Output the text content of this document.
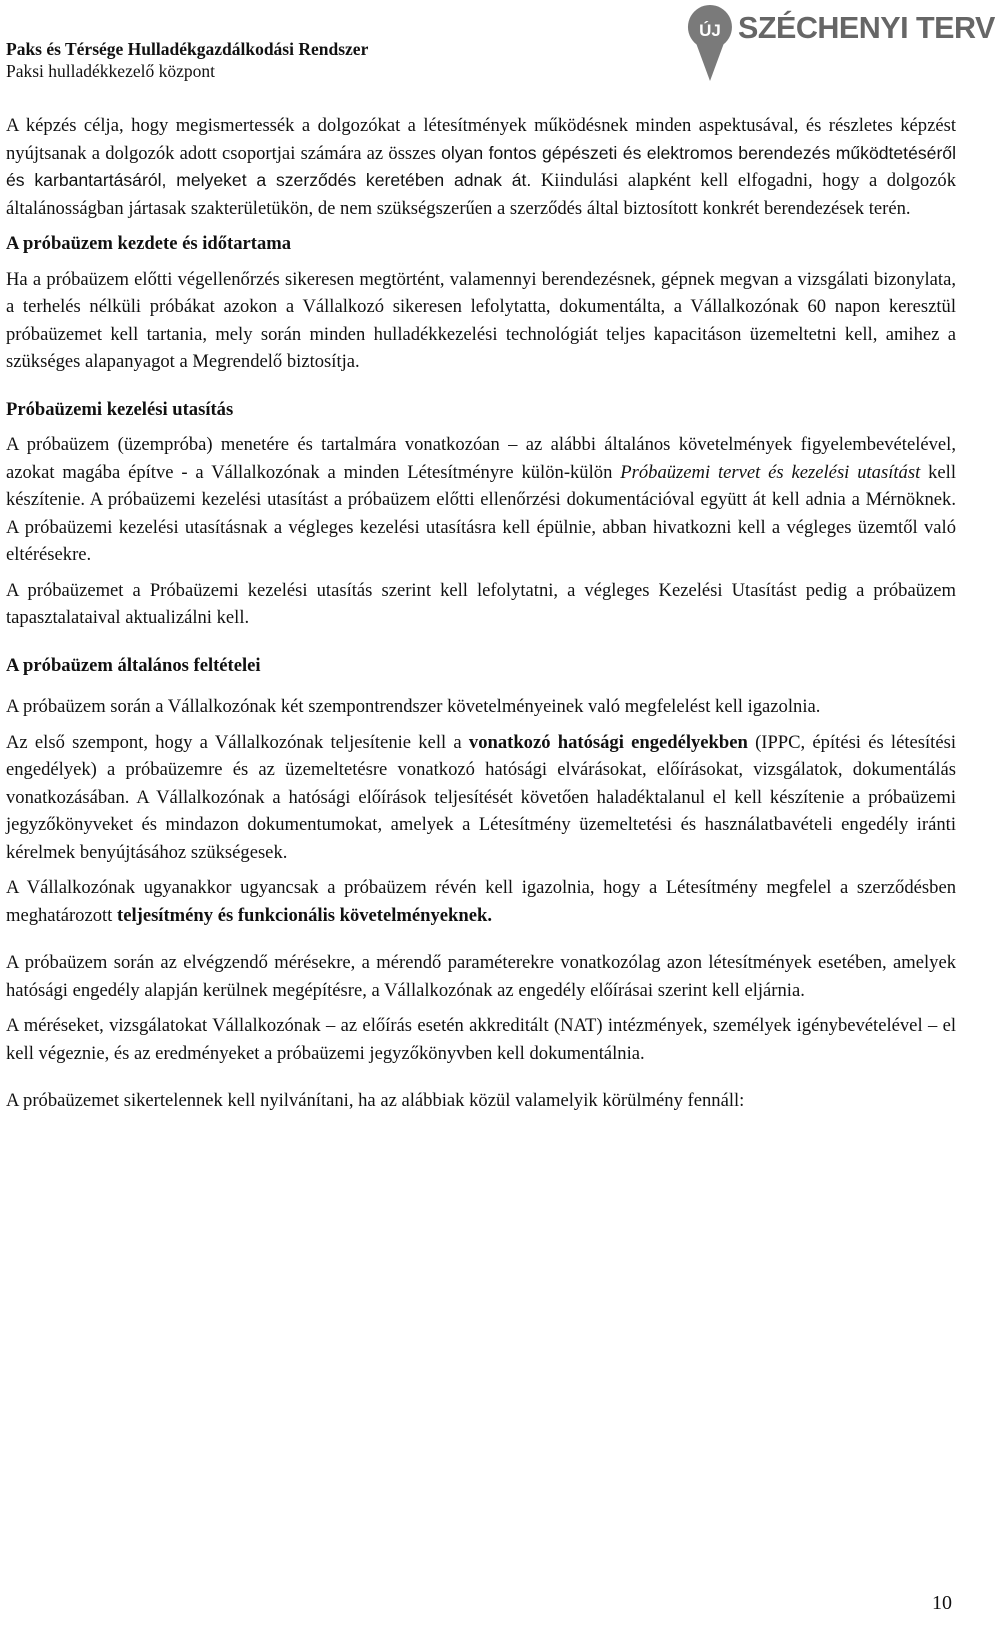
Paks és Térsége Hulladékgazdálkodási Rendszer
Paksi hulladékkezelő központ
ÚJ SZÉCHENYI TERV

A képzés célja, hogy megismertessék a dolgozókat a létesítmények működésnek minden aspektusával, és részletes képzést nyújtsanak a dolgozók adott csoportjai számára az összes olyan fontos gépészeti és elektromos berendezés működtetéséről és karbantartásáról, melyeket a szerződés keretében adnak át. Kiindulási alapként kell elfogadni, hogy a dolgozók általánosságban jártasak szakterületükön, de nem szükségszerűen a szerződés által biztosított konkrét berendezések terén.

A próbaüzem kezdete és időtartama

Ha a próbaüzem előtti végellenőrzés sikeresen megtörtént, valamennyi berendezésnek, gépnek megvan a vizsgálati bizonylata, a terhelés nélküli próbákat azokon a Vállalkozó sikeresen lefolytatta, dokumentálta, a Vállalkozónak 60 napon keresztül próbaüzemet kell tartania, mely során minden hulladékkezelési technológiát teljes kapacitáson üzemeltetni kell, amihez a szükséges alapanyagot a Megrendelő biztosítja.

Próbaüzemi kezelési utasítás

A próbaüzem (üzempróba) menetére és tartalmára vonatkozóan – az alábbi általános követelmények figyelembevételével, azokat magába építve - a Vállalkozónak a minden Létesítményre külön-külön Próbaüzemi tervet és kezelési utasítást kell készítenie. A próbaüzemi kezelési utasítást a próbaüzem előtti ellenőrzési dokumentációval együtt át kell adnia a Mérnöknek. A próbaüzemi kezelési utasításnak a végleges kezelési utasításra kell épülnie, abban hivatkozni kell a végleges üzemtől való eltérésekre.

A próbaüzemet a Próbaüzemi kezelési utasítás szerint kell lefolytatni, a végleges Kezelési Utasítást pedig a próbaüzem tapasztalataival aktualizálni kell.

A próbaüzem általános feltételei

A próbaüzem során a Vállalkozónak két szempontrendszer követelményeinek való megfelelést kell igazolnia.

Az első szempont, hogy a Vállalkozónak teljesítenie kell a vonatkozó hatósági engedélyekben (IPPC, építési és létesítési engedélyek) a próbaüzemre és az üzemeltetésre vonatkozó hatósági elvárásokat, előírásokat, vizsgálatok, dokumentálás vonatkozásában. A Vállalkozónak a hatósági előírások teljesítését követően haladéktalanul el kell készítenie a próbaüzemi jegyzőkönyveket és mindazon dokumentumokat, amelyek a Létesítmény üzemeltetési és használatbavételi engedély iránti kérelmek benyújtásához szükségesek.

A Vállalkozónak ugyanakkor ugyancsak a próbaüzem révén kell igazolnia, hogy a Létesítmény megfelel a szerződésben meghatározott teljesítmény és funkcionális követelményeknek.

A próbaüzem során az elvégzendő mérésekre, a mérendő paraméterekre vonatkozólag azon létesítmények esetében, amelyek hatósági engedély alapján kerülnek megépítésre, a Vállalkozónak az engedély előírásai szerint kell eljárnia.

A méréseket, vizsgálatokat Vállalkozónak – az előírás esetén akkreditált (NAT) intézmények, személyek igénybevételével – el kell végeznie, és az eredményeket a próbaüzemi jegyzőkönyvben kell dokumentálnia.

A próbaüzemet sikertelennek kell nyilvánítani, ha az alábbiak közül valamelyik körülmény fennáll:

10
